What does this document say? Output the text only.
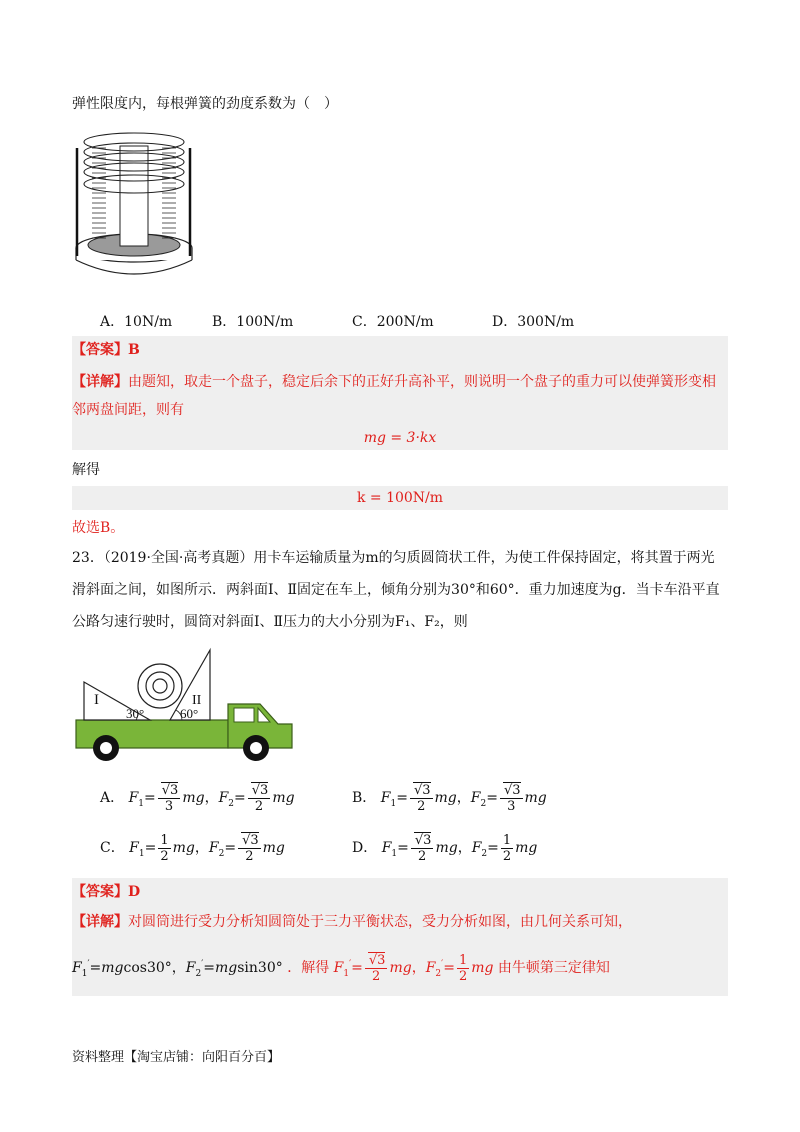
弹性限度内，每根弹簧的劲度系数为（　）
A．10N/m	B．100N/m	C．200N/m	D．300N/m
【答案】B
【详解】由题知，取走一个盘子，稳定后余下的正好升高补平，则说明一个盘子的重力可以使弹簧形变相
邻两盘间距，则有
mg = 3·kx
解得
k = 100N/m
故选B。
23．（2019·全国·高考真题）用卡车运输质量为m的匀质圆筒状工件，为使工件保持固定，将其置于两光
滑斜面之间，如图所示．两斜面Ⅰ、Ⅱ固定在车上，倾角分别为30°和60°．重力加速度为g．当卡车沿平直
公路匀速行驶时，圆筒对斜面Ⅰ、Ⅱ压力的大小分别为F₁、F₂，则
I	II
30°	60°
A． $F_1= \frac{√3}{3}$ mg，$F_2= \frac{√3}{2}$ mg	B． $F_1= \frac{√3}{2}$ mg，$F_2= \frac{√3}{3}$ mg
C． $F_1= \frac{1}{2}$ mg，$F_2= \frac{√3}{2}$ mg	D． $F_1= \frac{√3}{2}$ mg，$F_2= \frac{1}{2}$ mg
【答案】D
【详解】对圆筒进行受力分析知圆筒处于三力平衡状态，受力分析如图，由几何关系可知，
$F_1'=mgcos30^\circ$，$F_2'=mgsin30^\circ$ ．解得 $F_1'= \frac{√3}{2}$ mg，$F_2'= \frac{1}{2}$ mg 由牛顿第三定律知
资料整理【淘宝店铺：向阳百分百】
